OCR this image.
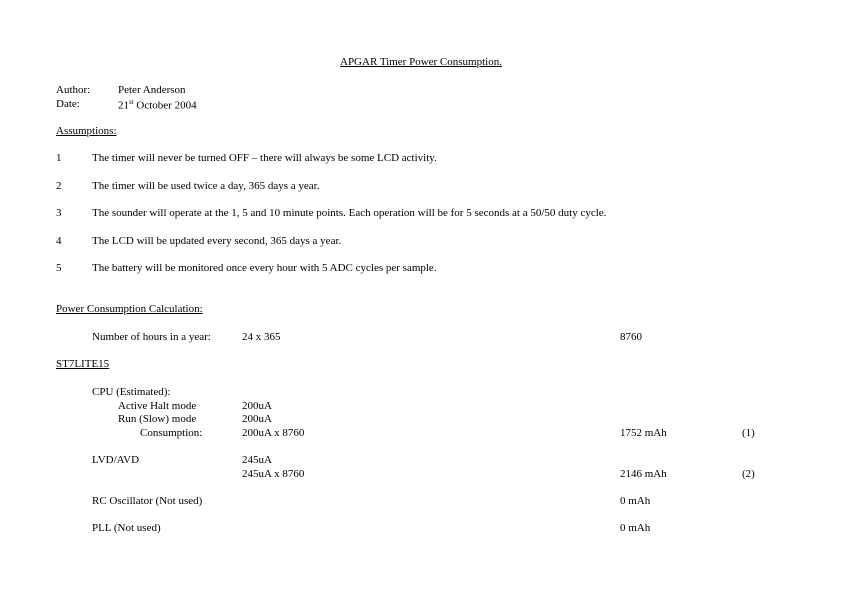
APGAR Timer Power Consumption.
Author:	Peter Anderson
Date:	21st October 2004
Assumptions:
1	The timer will never be turned OFF – there will always be some LCD activity.
2	The timer will be used twice a day, 365 days a year.
3	The sounder will operate at the 1, 5 and 10 minute points. Each operation will be for 5 seconds at a 50/50 duty cycle.
4	The LCD will be updated every second, 365 days a year.
5	The battery will be monitored once every hour with 5 ADC cycles per sample.
Power Consumption Calculation:
Number of hours in a year:	24 x 365	8760
ST7LITE15
CPU (Estimated):
Active Halt mode	200uA
Run (Slow) mode	200uA
Consumption:	200uA x 8760	1752 mAh	(1)
LVD/AVD	245uA
245uA x 8760	2146 mAh	(2)
RC Oscillator (Not used)	0 mAh
PLL (Not used)	0 mAh
